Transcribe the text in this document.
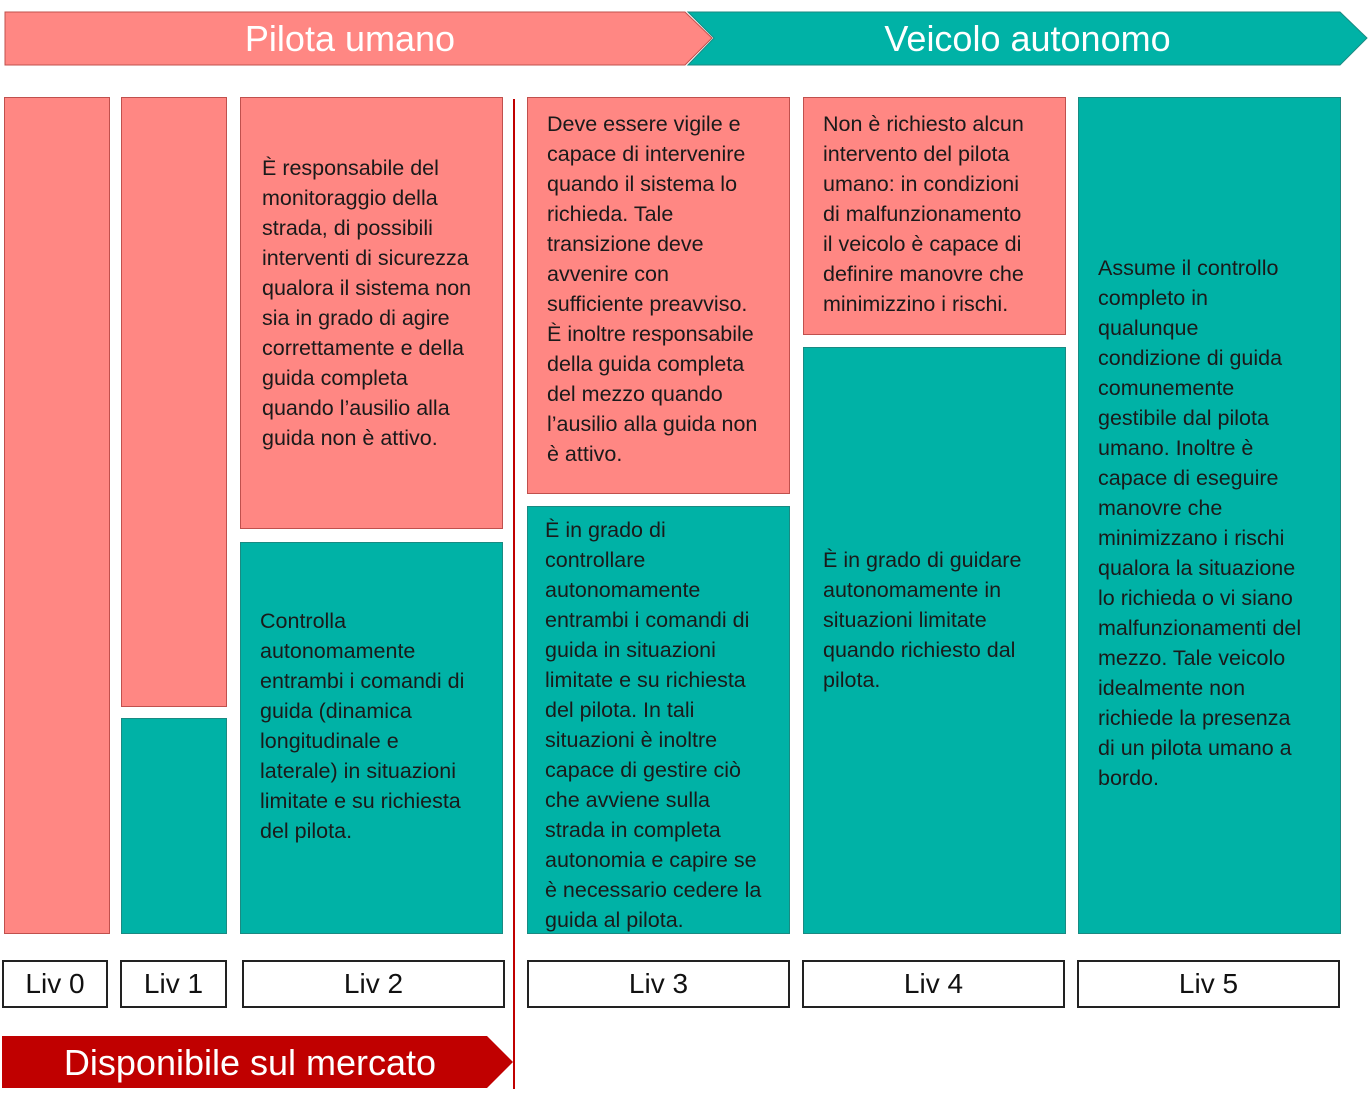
Pilota umano	Veicolo autonomo
È responsabile del
monitoraggio della
strada, di possibili
interventi di sicurezza
qualora il sistema non
sia in grado di agire
correttamente e della
guida completa
quando l’ausilio alla
guida non è attivo.
Controlla
autonomamente
entrambi i comandi di
guida (dinamica
longitudinale e
laterale) in situazioni
limitate e su richiesta
del pilota.
Deve essere vigile e
capace di intervenire
quando il sistema lo
richieda. Tale
transizione deve
avvenire con
sufficiente preavviso.
È inoltre responsabile
della guida completa
del mezzo quando
l’ausilio alla guida non
è attivo.
È in grado di
controllare
autonomamente
entrambi i comandi di
guida in situazioni
limitate e su richiesta
del pilota. In tali
situazioni è inoltre
capace di gestire ciò
che avviene sulla
strada in completa
autonomia e capire se
è necessario cedere la
guida al pilota.
Non è richiesto alcun
intervento del pilota
umano: in condizioni
di malfunzionamento
il veicolo è capace di
definire manovre che
minimizzino i rischi.
È in grado di guidare
autonomamente in
situazioni limitate
quando richiesto dal
pilota.
Assume il controllo
completo in
qualunque
condizione di guida
comunemente
gestibile dal pilota
umano. Inoltre è
capace di eseguire
manovre che
minimizzano i rischi
qualora la situazione
lo richieda o vi siano
malfunzionamenti del
mezzo. Tale veicolo
idealmente non
richiede la presenza
di un pilota umano a
bordo.
Liv 0	Liv 1	Liv 2	Liv 3	Liv 4	Liv 5
Disponibile sul mercato
